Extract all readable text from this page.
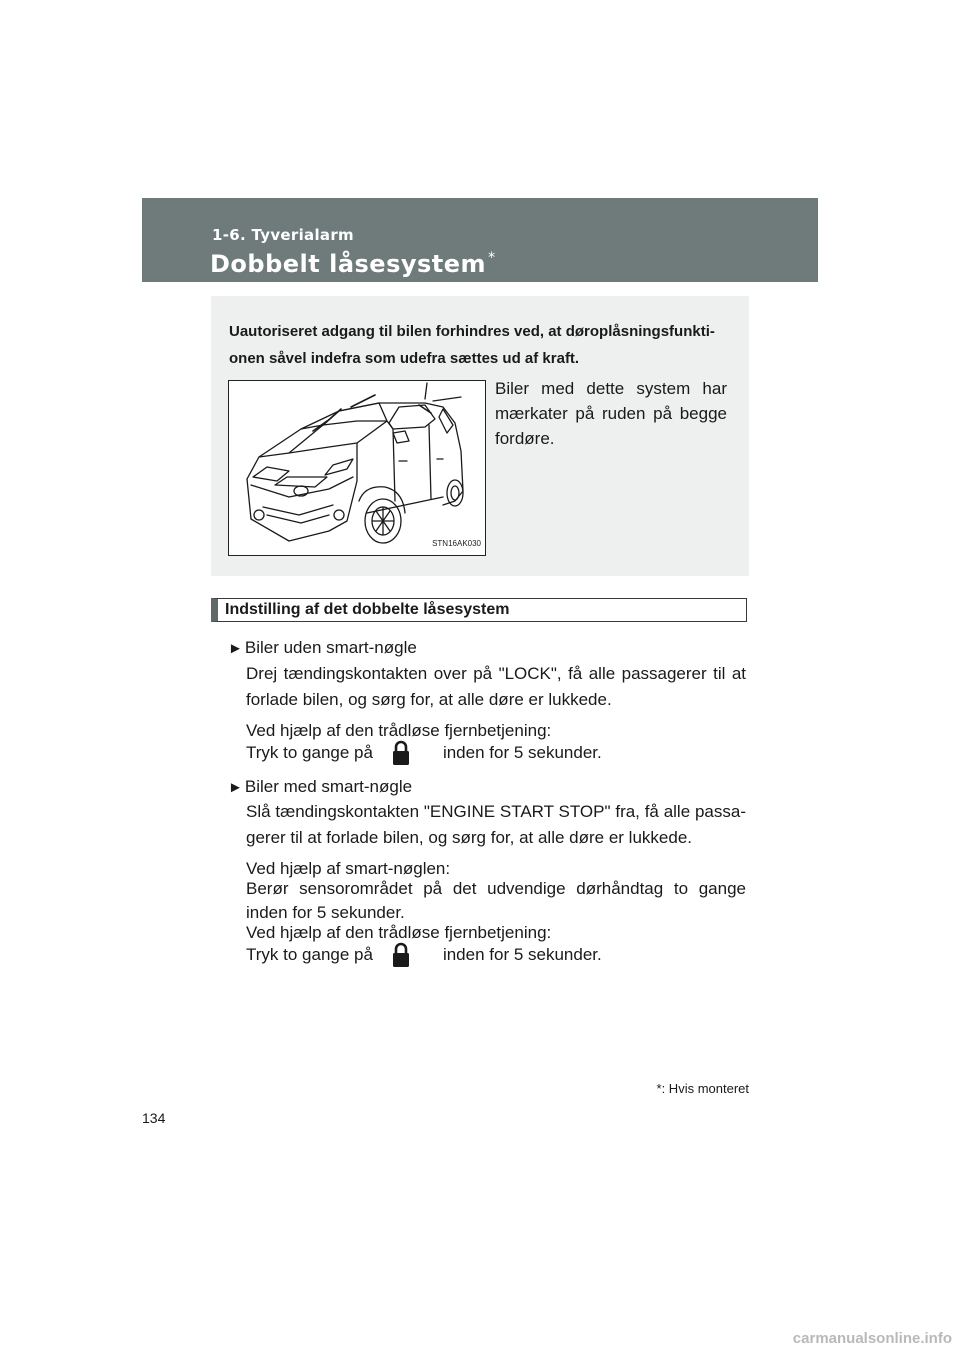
1-6. Tyverialarm
Dobbelt låsesystem *
Uautoriseret adgang til bilen forhindres ved, at døroplåsningsfunkti-onen såvel indefra som udefra sættes ud af kraft.
STN16AK030
Biler med dette system har mærkater på ruden på begge fordøre.
Indstilling af det dobbelte låsesystem
► Biler uden smart-nøgle
Drej tændingskontakten over på "LOCK", få alle passagerer til at forlade bilen, og sørg for, at alle døre er lukkede.
Ved hjælp af den trådløse fjernbetjening:
Tryk to gange på	inden for 5 sekunder.
► Biler med smart-nøgle
Slå tændingskontakten "ENGINE START STOP" fra, få alle passa-gerer til at forlade bilen, og sørg for, at alle døre er lukkede.
Ved hjælp af smart-nøglen:
Berør sensorområdet på det udvendige dørhåndtag to gange inden for 5 sekunder.
Ved hjælp af den trådløse fjernbetjening:
Tryk to gange på	inden for 5 sekunder.
*: Hvis monteret
134
carmanualsonline.info
